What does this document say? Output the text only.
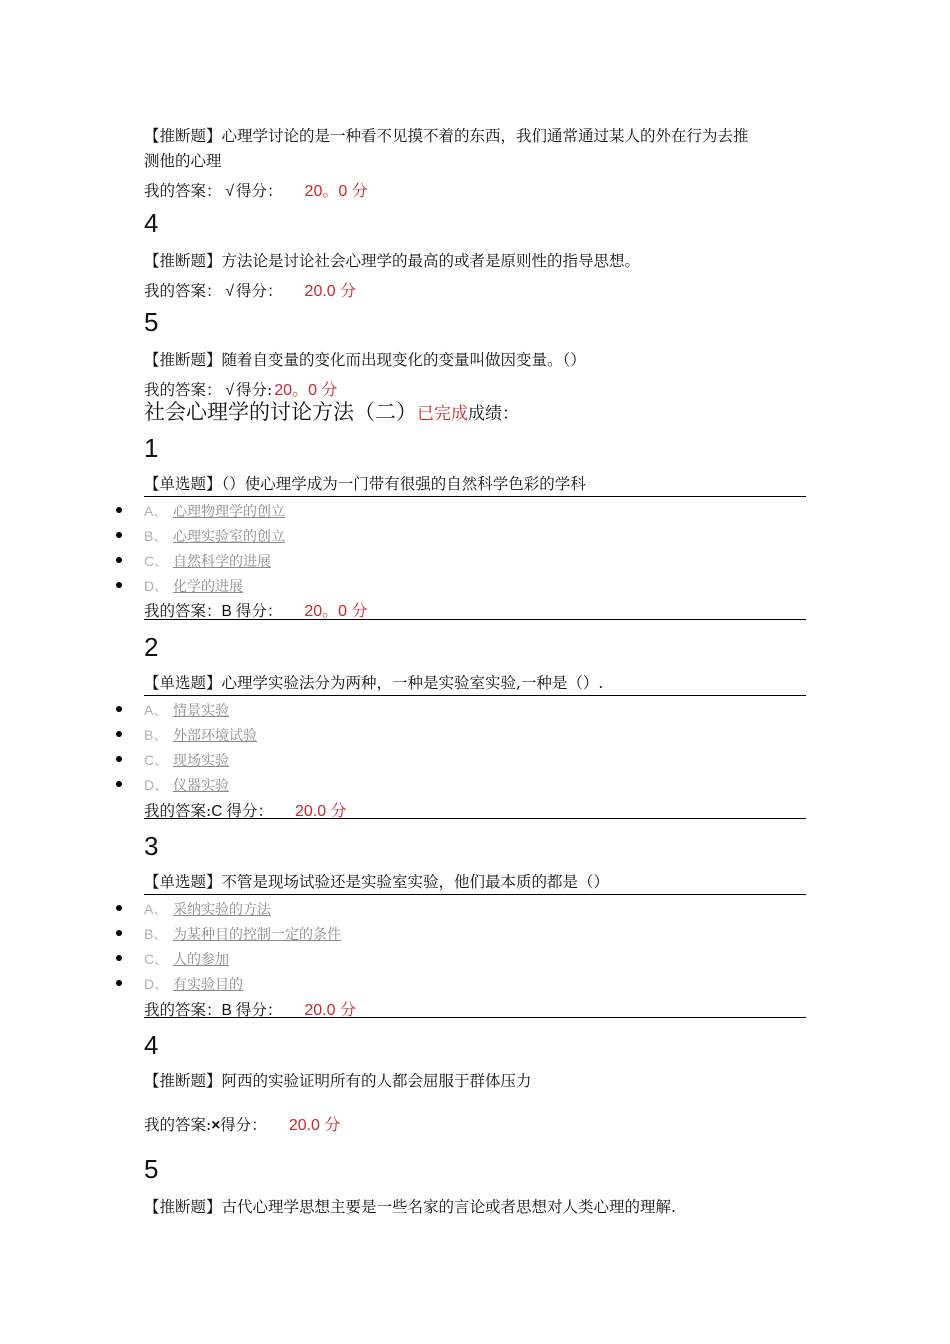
【推断题】心理学讨论的是一种看不见摸不着的东西，我们通常通过某人的外在行为去推
测他的心理
我的答案： √ 得分： 20。0 分
4
【推断题】方法论是讨论社会心理学的最高的或者是原则性的指导思想。
我的答案： √ 得分： 20.0 分
5
【推断题】随着自变量的变化而出现变化的变量叫做因变量。（）
我的答案： √ 得分: 20。0 分
社会心理学的讨论方法（二）已完成成绩：
1
【单选题】（）使心理学成为一门带有很强的自然科学色彩的学科
A、 心理物理学的创立
B、 心理实验室的创立
C、 自然科学的进展
D、 化学的进展
我的答案：B 得分： 20。0 分
2
【单选题】心理学实验法分为两种，一种是实验室实验,一种是（）.
A、 情景实验
B、 外部环境试验
C、 现场实验
D、 仪器实验
我的答案:C 得分： 20.0 分
3
【单选题】不管是现场试验还是实验室实验，他们最本质的都是（）
A、 采纳实验的方法
B、 为某种目的控制一定的条件
C、 人的参加
D、 有实验目的
我的答案：B 得分： 20.0 分
4
【推断题】阿西的实验证明所有的人都会屈服于群体压力
我的答案:×得分： 20.0 分
5
【推断题】古代心理学思想主要是一些名家的言论或者思想对人类心理的理解.
